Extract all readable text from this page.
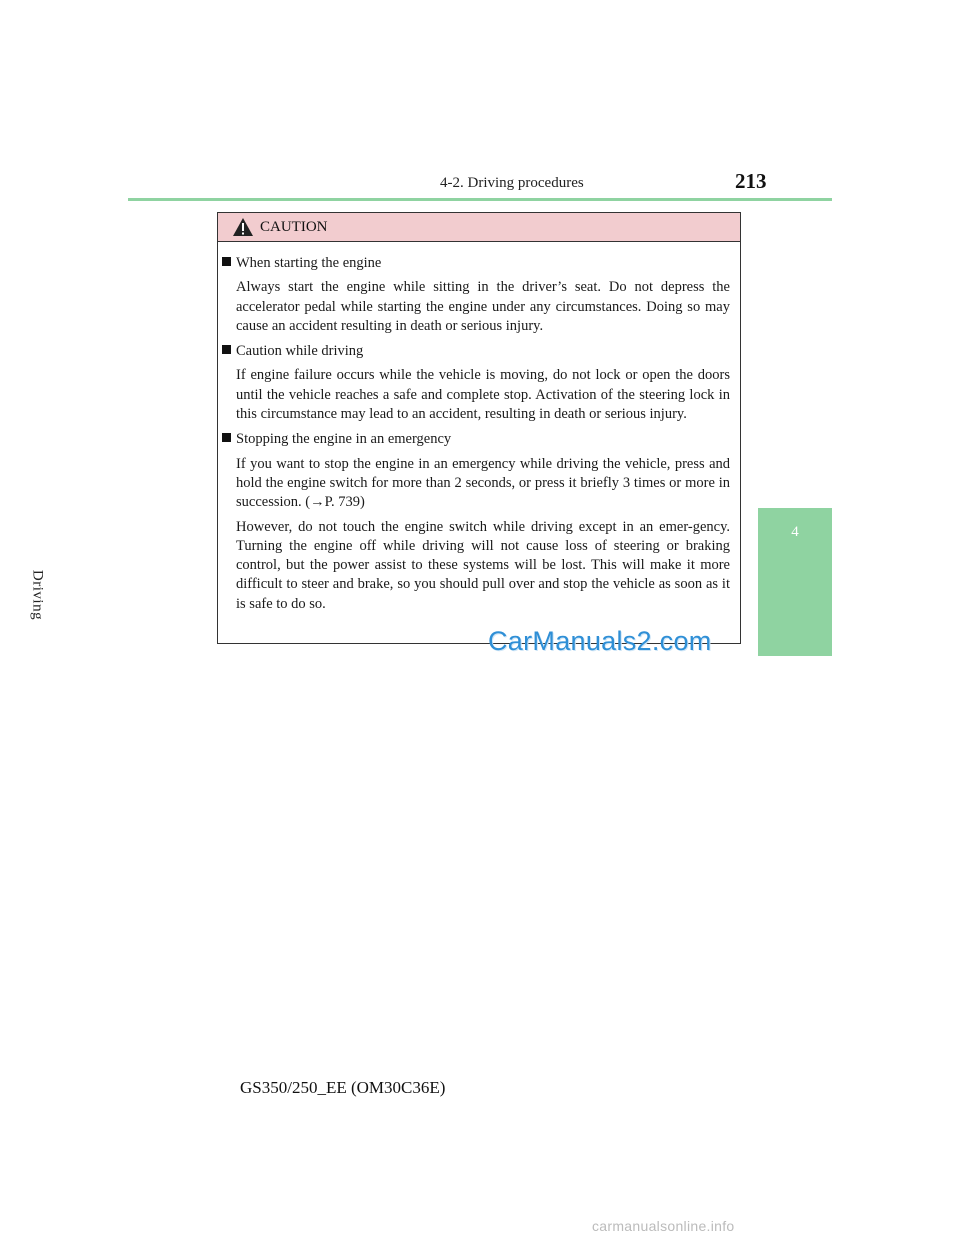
4-2. Driving procedures	213
4
Driving
CAUTION
When starting the engine

Always start the engine while sitting in the driver’s seat. Do not depress the accelerator pedal while starting the engine under any circumstances. Doing so may cause an accident resulting in death or serious injury.

Caution while driving

If engine failure occurs while the vehicle is moving, do not lock or open the doors until the vehicle reaches a safe and complete stop. Activation of the steering lock in this circumstance may lead to an accident, resulting in death or serious injury.

Stopping the engine in an emergency

If you want to stop the engine in an emergency while driving the vehicle, press and hold the engine switch for more than 2 seconds, or press it briefly 3 times or more in succession. (→P. 739)

However, do not touch the engine switch while driving except in an emer-gency. Turning the engine off while driving will not cause loss of steering or braking control, but the power assist to these systems will be lost. This will make it more difficult to steer and brake, so you should pull over and stop the vehicle as soon as it is safe to do so.

CarManuals2.com
GS350/250_EE (OM30C36E)
carmanualsonline.info
